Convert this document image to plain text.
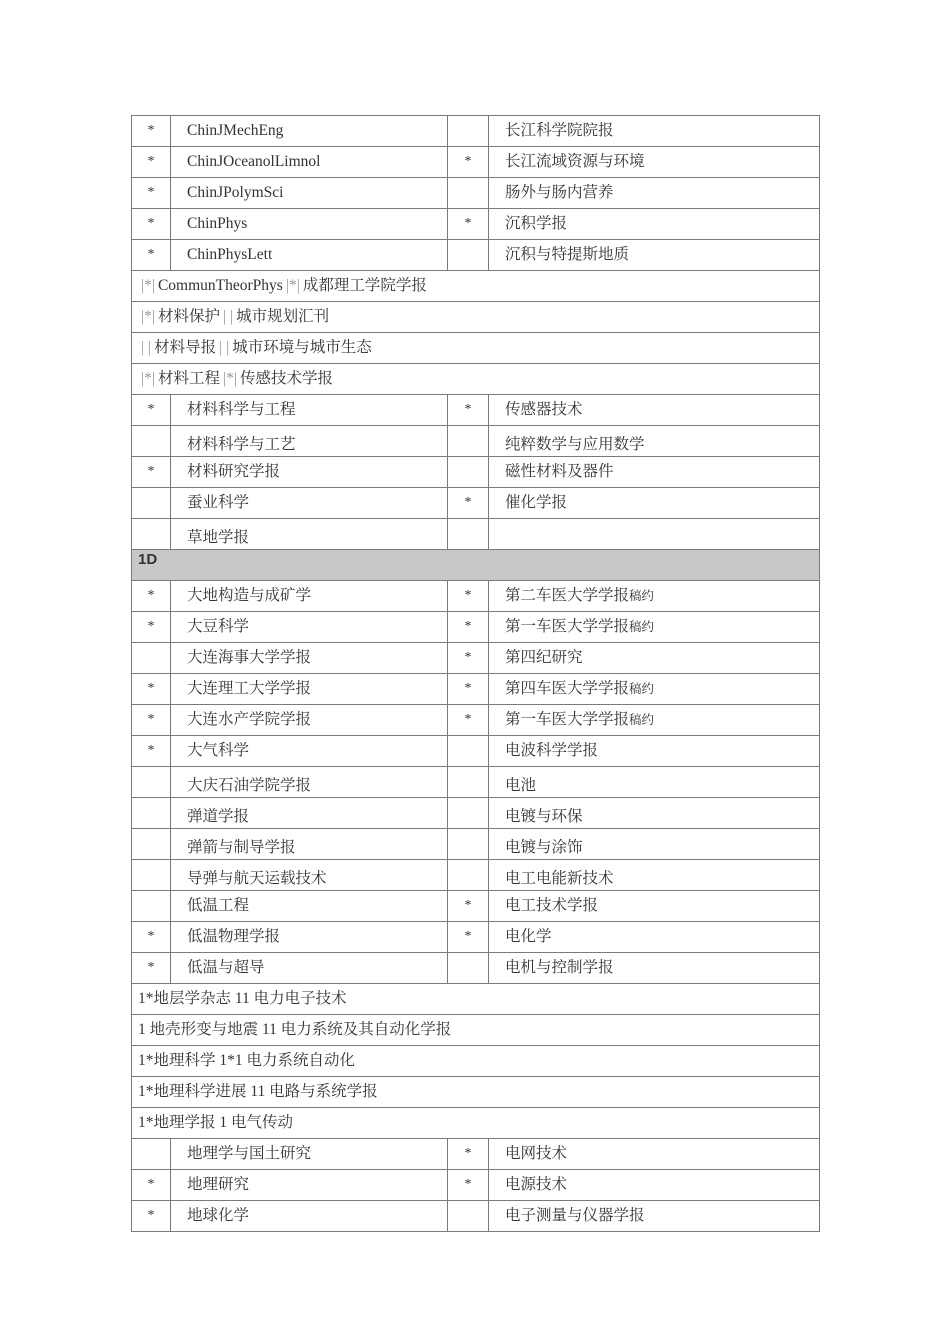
*	ChinJMechEng		长江科学院院报
*	ChinJOceanolLimnol	*	长江流域资源与环境
*	ChinJPolymSci		肠外与肠内营养
*	ChinPhys	*	沉积学报
*	ChinPhysLett		沉积与特提斯地质
|*| CommunTheorPhys |*| 成都理工学院学报			
|*| 材料保护 | | 城市规划汇刊			
| | 材料导报 | | 城市环境与城市生态			
|*| 材料工程 |*| 传感技术学报			
*	材料科学与工程	*	传感器技术
	材料科学与工艺		纯粹数学与应用数学
*	材料研究学报		磁性材料及器件
	蚕业科学	*	催化学报
	草地学报		
1D			
*	大地构造与成矿学	*	第二车医大学学报稿约
*	大豆科学	*	第一车医大学学报稿约
	大连海事大学学报	*	第四纪研究
*	大连理工大学学报	*	第四车医大学学报稿约
*	大连水产学院学报	*	第一车医大学学报稿约
*	大气科学		电波科学学报
	大庆石油学院学报		电池
	弹道学报		电镀与环保
	弹箭与制导学报		电镀与涂饰
	导弹与航天运载技术		电工电能新技术
	低温工程	*	电工技术学报
*	低温物理学报	*	电化学
*	低温与超导		电机与控制学报
1*地层学杂志 11 电力电子技术			
1 地壳形变与地震 11 电力系统及其自动化学报			
1*地理科学 1*1 电力系统自动化			
1*地理科学进展 11 电路与系统学报			
1*地理学报 1 电气传动			
	地理学与国土研究	*	电网技术
*	地理研究	*	电源技术
*	地球化学		电子测量与仪器学报
